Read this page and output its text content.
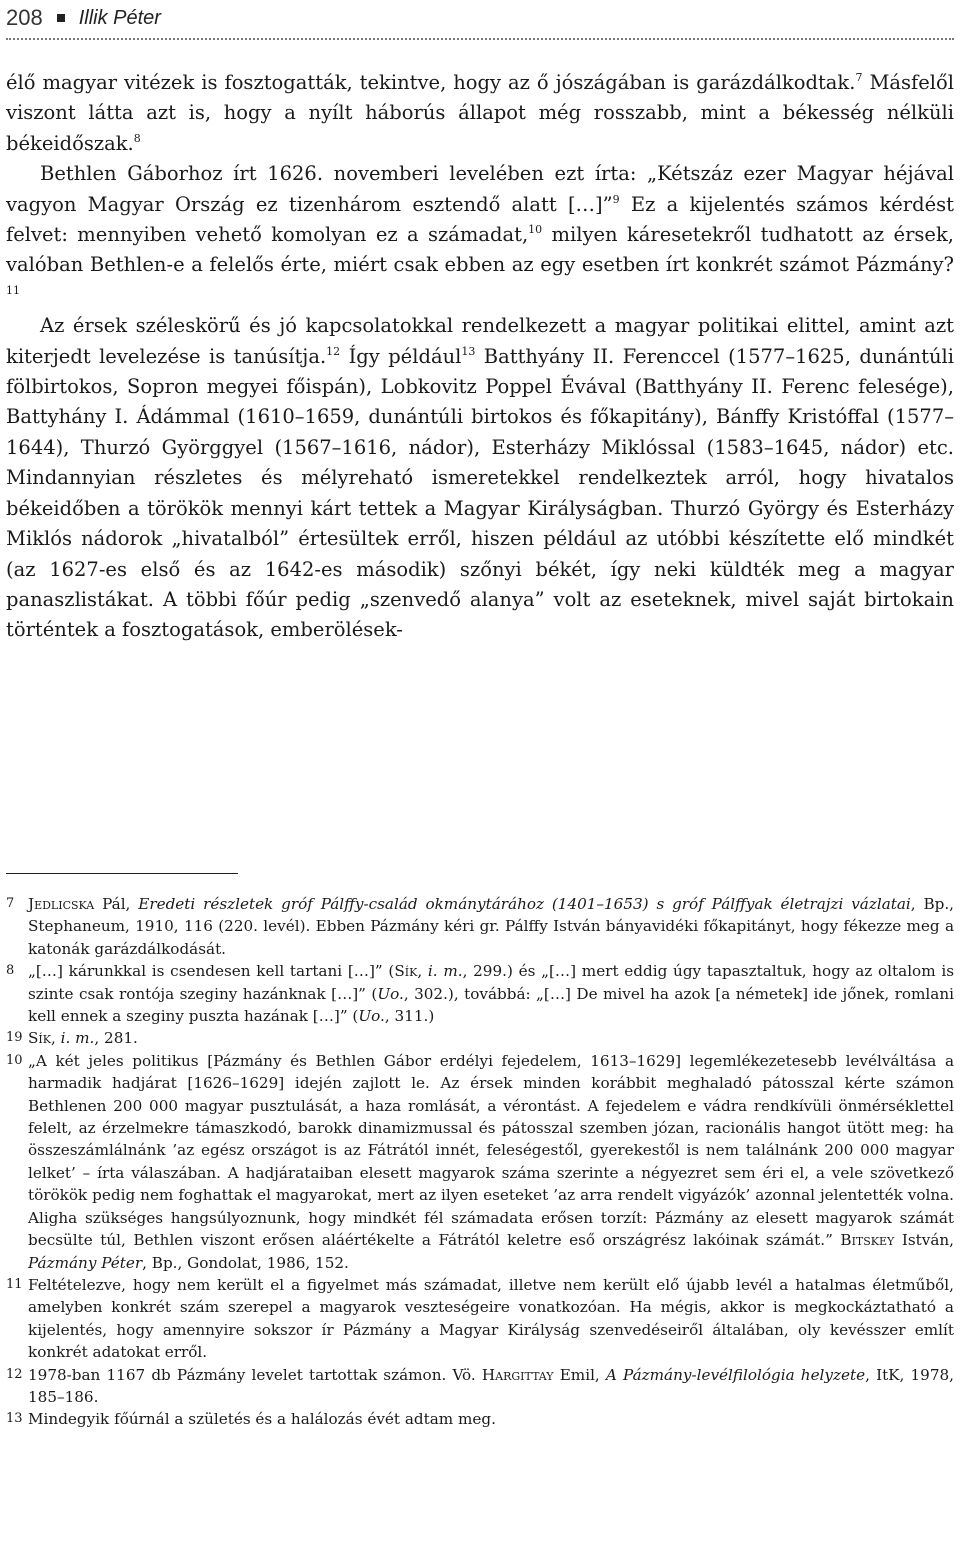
208 Illik Péter

élő magyar vitézek is fosztogatták, tekintve, hogy az ő jószágában is garázdálkodtak.$^7$ Másfelől viszont látta azt is, hogy a nyílt háborús állapot még rosszabb, mint a békesség nélküli békeidőszak.$^8$

Bethlen Gáborhoz írt 1626. novemberi levelében ezt írta: „Kétszáz ezer Magyar héjával vagyon Magyar Ország ez tizenhárom esztendő alatt […]”$^9$ Ez a kijelentés számos kérdést felvet: mennyiben vehető komolyan ez a számadat,$^{10}$ milyen káresetekről tudhatott az érsek, valóban Bethlen-e a felelős érte, miért csak ebben az egy esetben írt konkrét számot Pázmány?$^{11}$

Az érsek széleskörű és jó kapcsolatokkal rendelkezett a magyar politikai elittel, amint azt kiterjedt levelezése is tanúsítja.$^{12}$ Így például$^{13}$ Batthyány II. Ferenccel (1577–1625, dunántúli fölbirtokos, Sopron megyei főispán), Lobkovitz Poppel Évával (Batthyány II. Ferenc felesége), Battyhány I. Ádámmal (1610–1659, dunántúli birtokos és főkapitány), Bánffy Kristóffal (1577–1644), Thurzó Györggyel (1567–1616, nádor), Esterházy Miklóssal (1583–1645, nádor) etc. Mindannyian részletes és mélyreható ismeretekkel rendelkeztek arról, hogy hivatalos békeidőben a törökök mennyi kárt tettek a Magyar Királyságban. Thurzó György és Esterházy Miklós nádorok „hivatalból” értesültek erről, hiszen például az utóbbi készítette elő mindkét (az 1627-es első és az 1642-es második) szőnyi békét, így neki küldték meg a magyar panaszlistákat. A többi főúr pedig „szenvedő alanya” volt az eseteknek, mivel saját birtokain történtek a fosztogatások, emberölések-

7 Jedlicska Pál, Eredeti részletek gróf Pálffy-család okmánytárához (1401–1653) s gróf Pálffyak életrajzi vázlatai, Bp., Stephaneum, 1910, 116 (220. levél). Ebben Pázmány kéri gr. Pálffy István bányavidéki főkapitányt, hogy fékezze meg a katonák garázdálkodását.

8 „[…] kárunkkal is csendesen kell tartani […]” (Sík, i. m., 299.) és „[…] mert eddig úgy tapasztaltuk, hogy az oltalom is szinte csak rontója szeginy hazánknak […]” (Uo., 302.), továbbá: „[…] De mivel ha azok [a németek] ide jőnek, romlani kell ennek a szeginy puszta hazának […]” (Uo., 311.)

19 Sík, i. m., 281.

10 „A két jeles politikus [Pázmány és Bethlen Gábor erdélyi fejedelem, 1613–1629] legemlékezetesebb levélváltása a harmadik hadjárat [1626–1629] idején zajlott le. Az érsek minden korábbit meghaladó pátosszal kérte számon Bethlenen 200 000 magyar pusztulását, a haza romlását, a vérontást. A fejedelem e vádra rendkívüli önmérséklettel felelt, az érzelmekre támaszkodó, barokk dinamizmussal és pátosszal szemben józan, racionális hangot ütött meg: ha összeszámlálnánk ’az egész országot is az Fátrától innét, feleségestől, gyerekestől is nem találnánk 200 000 magyar lelket’ – írta válaszában. A hadjárataiban elesett magyarok száma szerinte a négyezret sem éri el, a vele szövetkező törökök pedig nem foghattak el magyarokat, mert az ilyen eseteket ’az arra rendelt vigyázók’ azonnal jelentették volna. Aligha szükséges hangsúlyoznunk, hogy mindkét fél számadata erősen torzít: Pázmány az elesett magyarok számát becsülte túl, Bethlen viszont erősen aláértékelte a Fátrától keletre eső országrész lakóinak számát.” Bitskey István, Pázmány Péter, Bp., Gondolat, 1986, 152.

11 Feltételezve, hogy nem került el a figyelmet más számadat, illetve nem került elő újabb levél a hatalmas életműből, amelyben konkrét szám szerepel a magyarok veszteségeire vonatkozóan. Ha mégis, akkor is megkockáztatható a kijelentés, hogy amennyire sokszor ír Pázmány a Magyar Királyság szenvedéseiről általában, oly kevésszer említ konkrét adatokat erről.

12 1978-ban 1167 db Pázmány levelet tartottak számon. Vö. Hargittay Emil, A Pázmány-levélfilológia helyzete, ItK, 1978, 185–186.

13 Mindegyik főúrnál a születés és a halálozás évét adtam meg.
